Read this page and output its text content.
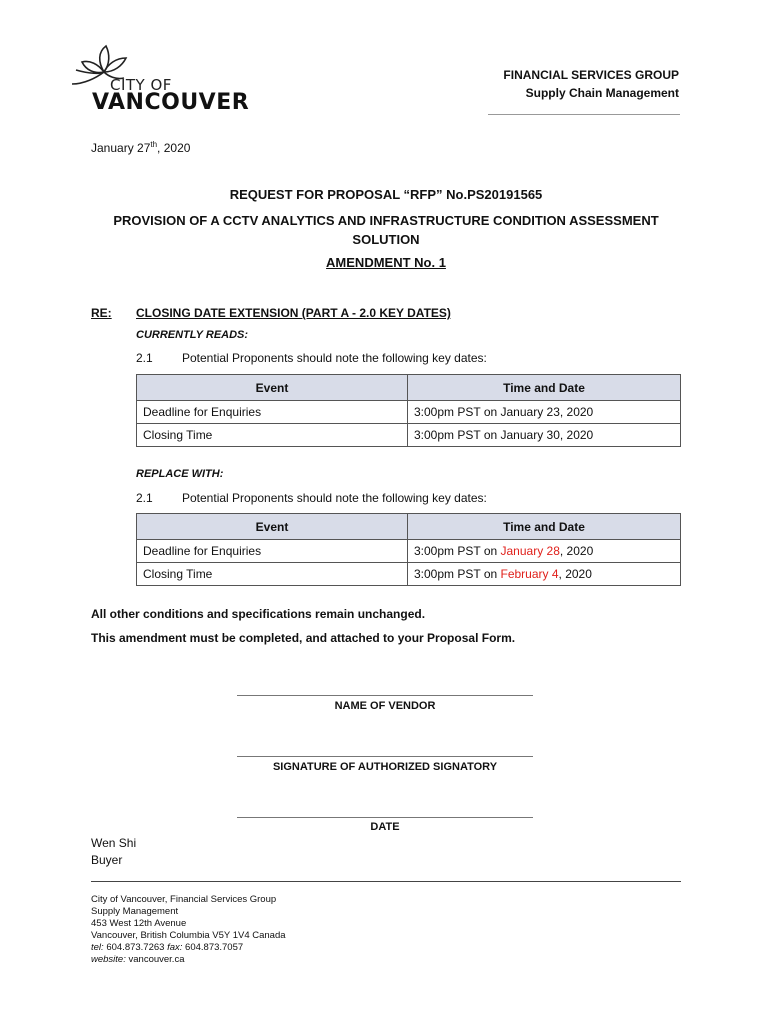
CITY OF
VANCOUVER
FINANCIAL SERVICES GROUP
Supply Chain Management
January 27th, 2020
REQUEST FOR PROPOSAL “RFP” No.PS20191565
PROVISION OF A CCTV ANALYTICS AND INFRASTRUCTURE CONDITION ASSESSMENT SOLUTION
AMENDMENT No. 1
RE: CLOSING DATE EXTENSION (PART A - 2.0 KEY DATES)
CURRENTLY READS:
2.1 Potential Proponents should note the following key dates:
Event	Time and Date
Deadline for Enquiries	3:00pm PST on January 23, 2020
Closing Time	3:00pm PST on January 30, 2020
REPLACE WITH:
2.1 Potential Proponents should note the following key dates:
Event	Time and Date
Deadline for Enquiries	3:00pm PST on January 28, 2020
Closing Time	3:00pm PST on February 4, 2020
All other conditions and specifications remain unchanged.
This amendment must be completed, and attached to your Proposal Form.
NAME OF VENDOR
SIGNATURE OF AUTHORIZED SIGNATORY
DATE
Wen Shi
Buyer
City of Vancouver, Financial Services Group
Supply Management
453 West 12th Avenue
Vancouver, British Columbia V5Y 1V4 Canada
tel: 604.873.7263 fax: 604.873.7057
website: vancouver.ca
